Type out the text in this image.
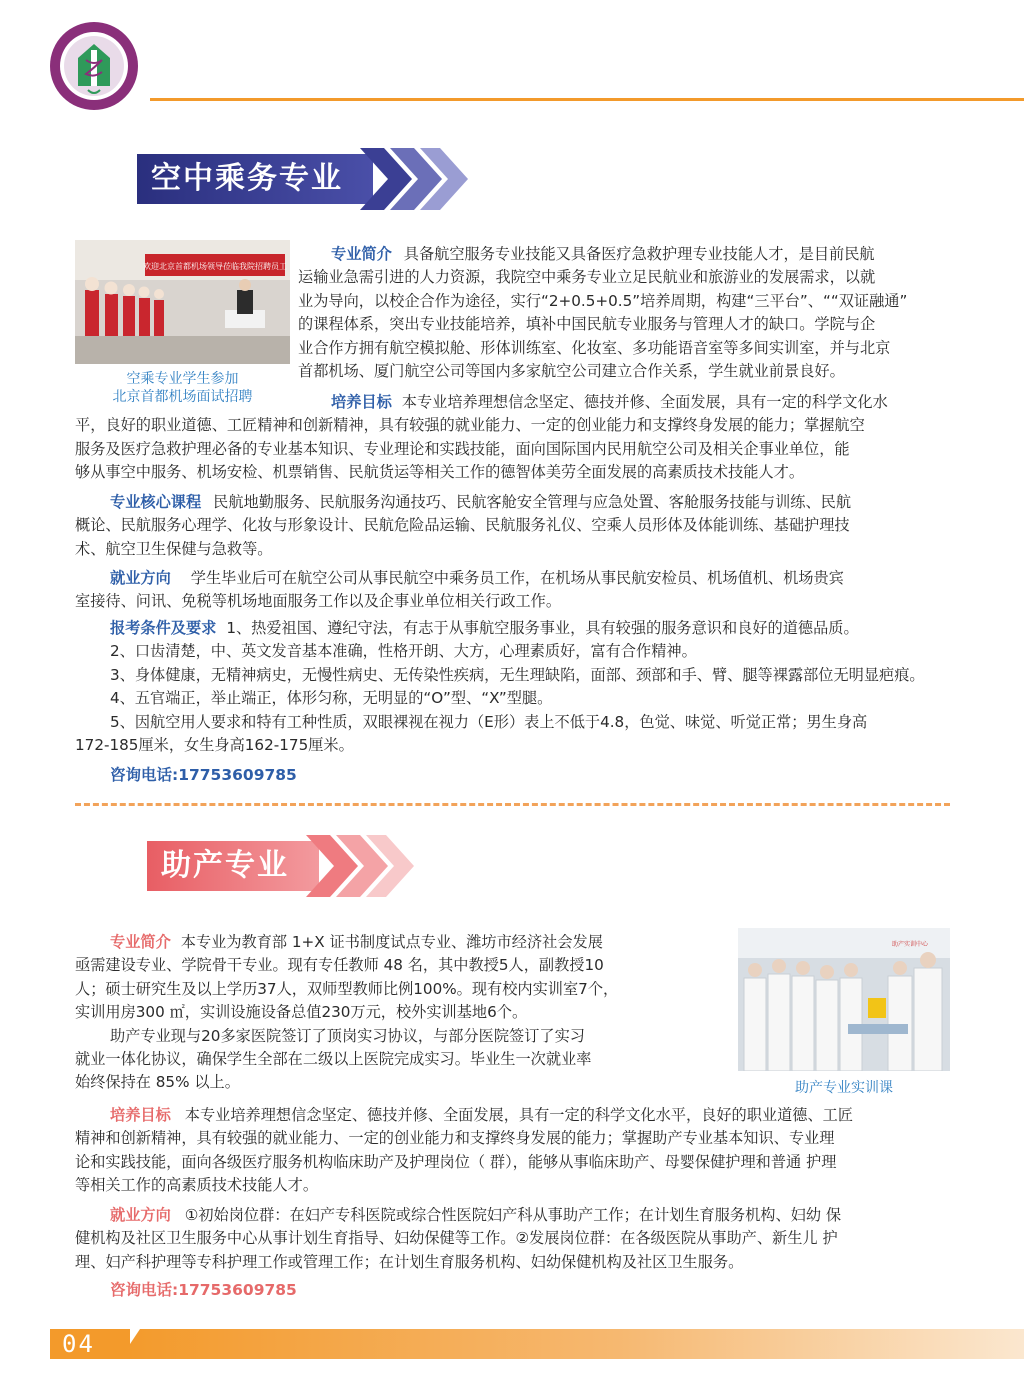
空中乘务专业
欢迎北京首都机场领导莅临我院招聘员工
空乘专业学生参加
北京首都机场面试招聘
专业简介 具备航空服务专业技能又具备医疗急救护理专业技能人才，是目前民航
运输业急需引进的人力资源，我院空中乘务专业立足民航业和旅游业的发展需求，以就
业为导向，以校企合作为途径，实行“2+0.5+0.5”培养周期，构建“三平台”、““双证融通”
的课程体系，突出专业技能培养，填补中国民航专业服务与管理人才的缺口。学院与企
业合作方拥有航空模拟舱、形体训练室、化妆室、多功能语音室等多间实训室，并与北京
首都机场、厦门航空公司等国内多家航空公司建立合作关系，学生就业前景良好。
培养目标 本专业培养理想信念坚定、德技并修、全面发展，具有一定的科学文化水
平，良好的职业道德、工匠精神和创新精神，具有较强的就业能力、一定的创业能力和支撑终身发展的能力；掌握航空
服务及医疗急救护理必备的专业基本知识、专业理论和实践技能，面向国际国内民用航空公司及相关企事业单位，能
够从事空中服务、机场安检、机票销售、民航货运等相关工作的德智体美劳全面发展的高素质技术技能人才。
专业核心课程 民航地勤服务、民航服务沟通技巧、民航客舱安全管理与应急处置、客舱服务技能与训练、民航
概论、民航服务心理学、化妆与形象设计、民航危险品运输、民航服务礼仪、空乘人员形体及体能训练、基础护理技
术、航空卫生保健与急救等。
就业方向 学生毕业后可在航空公司从事民航空中乘务员工作，在机场从事民航安检员、机场值机、机场贵宾
室接待、问讯、免税等机场地面服务工作以及企事业单位相关行政工作。
报考条件及要求 1、热爱祖国、遵纪守法，有志于从事航空服务事业，具有较强的服务意识和良好的道德品质。
2、口齿清楚，中、英文发音基本准确，性格开朗、大方，心理素质好，富有合作精神。
3、身体健康，无精神病史，无慢性病史、无传染性疾病，无生理缺陷，面部、颈部和手、臂、腿等裸露部位无明显疤痕。
4、五官端正，举止端正，体形匀称，无明显的“O”型、“X”型腿。
5、因航空用人要求和特有工种性质，双眼裸视在视力（E形）表上不低于4.8，色觉、味觉、听觉正常；男生身高
172-185厘米，女生身高162-175厘米。
咨询电话:17753609785
助产专业
专业简介 本专业为教育部 1+X 证书制度试点专业、潍坊市经济社会发展
亟需建设专业、学院骨干专业。现有专任教师 48 名，其中教授5人，副教授10
人；硕士研究生及以上学历37人，双师型教师比例100%。现有校内实训室7个，
实训用房300 ㎡，实训设施设备总值230万元，校外实训基地6个。
助产专业现与20多家医院签订了顶岗实习协议，与部分医院签订了实习
就业一体化协议，确保学生全部在二级以上医院完成实习。毕业生一次就业率
始终保持在 85% 以上。
助产实训中心
助产专业实训课
培养目标 本专业培养理想信念坚定、德技并修、全面发展，具有一定的科学文化水平，良好的职业道德、工匠
精神和创新精神，具有较强的就业能力、一定的创业能力和支撑终身发展的能力；掌握助产专业基本知识、专业理
论和实践技能，面向各级医疗服务机构临床助产及护理岗位（ 群），能够从事临床助产、母婴保健护理和普通 护理
等相关工作的高素质技术技能人才。
就业方向 ①初始岗位群：在妇产专科医院或综合性医院妇产科从事助产工作；在计划生育服务机构、妇幼 保
健机构及社区卫生服务中心从事计划生育指导、妇幼保健等工作。②发展岗位群：在各级医院从事助产、新生儿 护
理、妇产科护理等专科护理工作或管理工作；在计划生育服务机构、妇幼保健机构及社区卫生服务。
咨询电话:17753609785
04
